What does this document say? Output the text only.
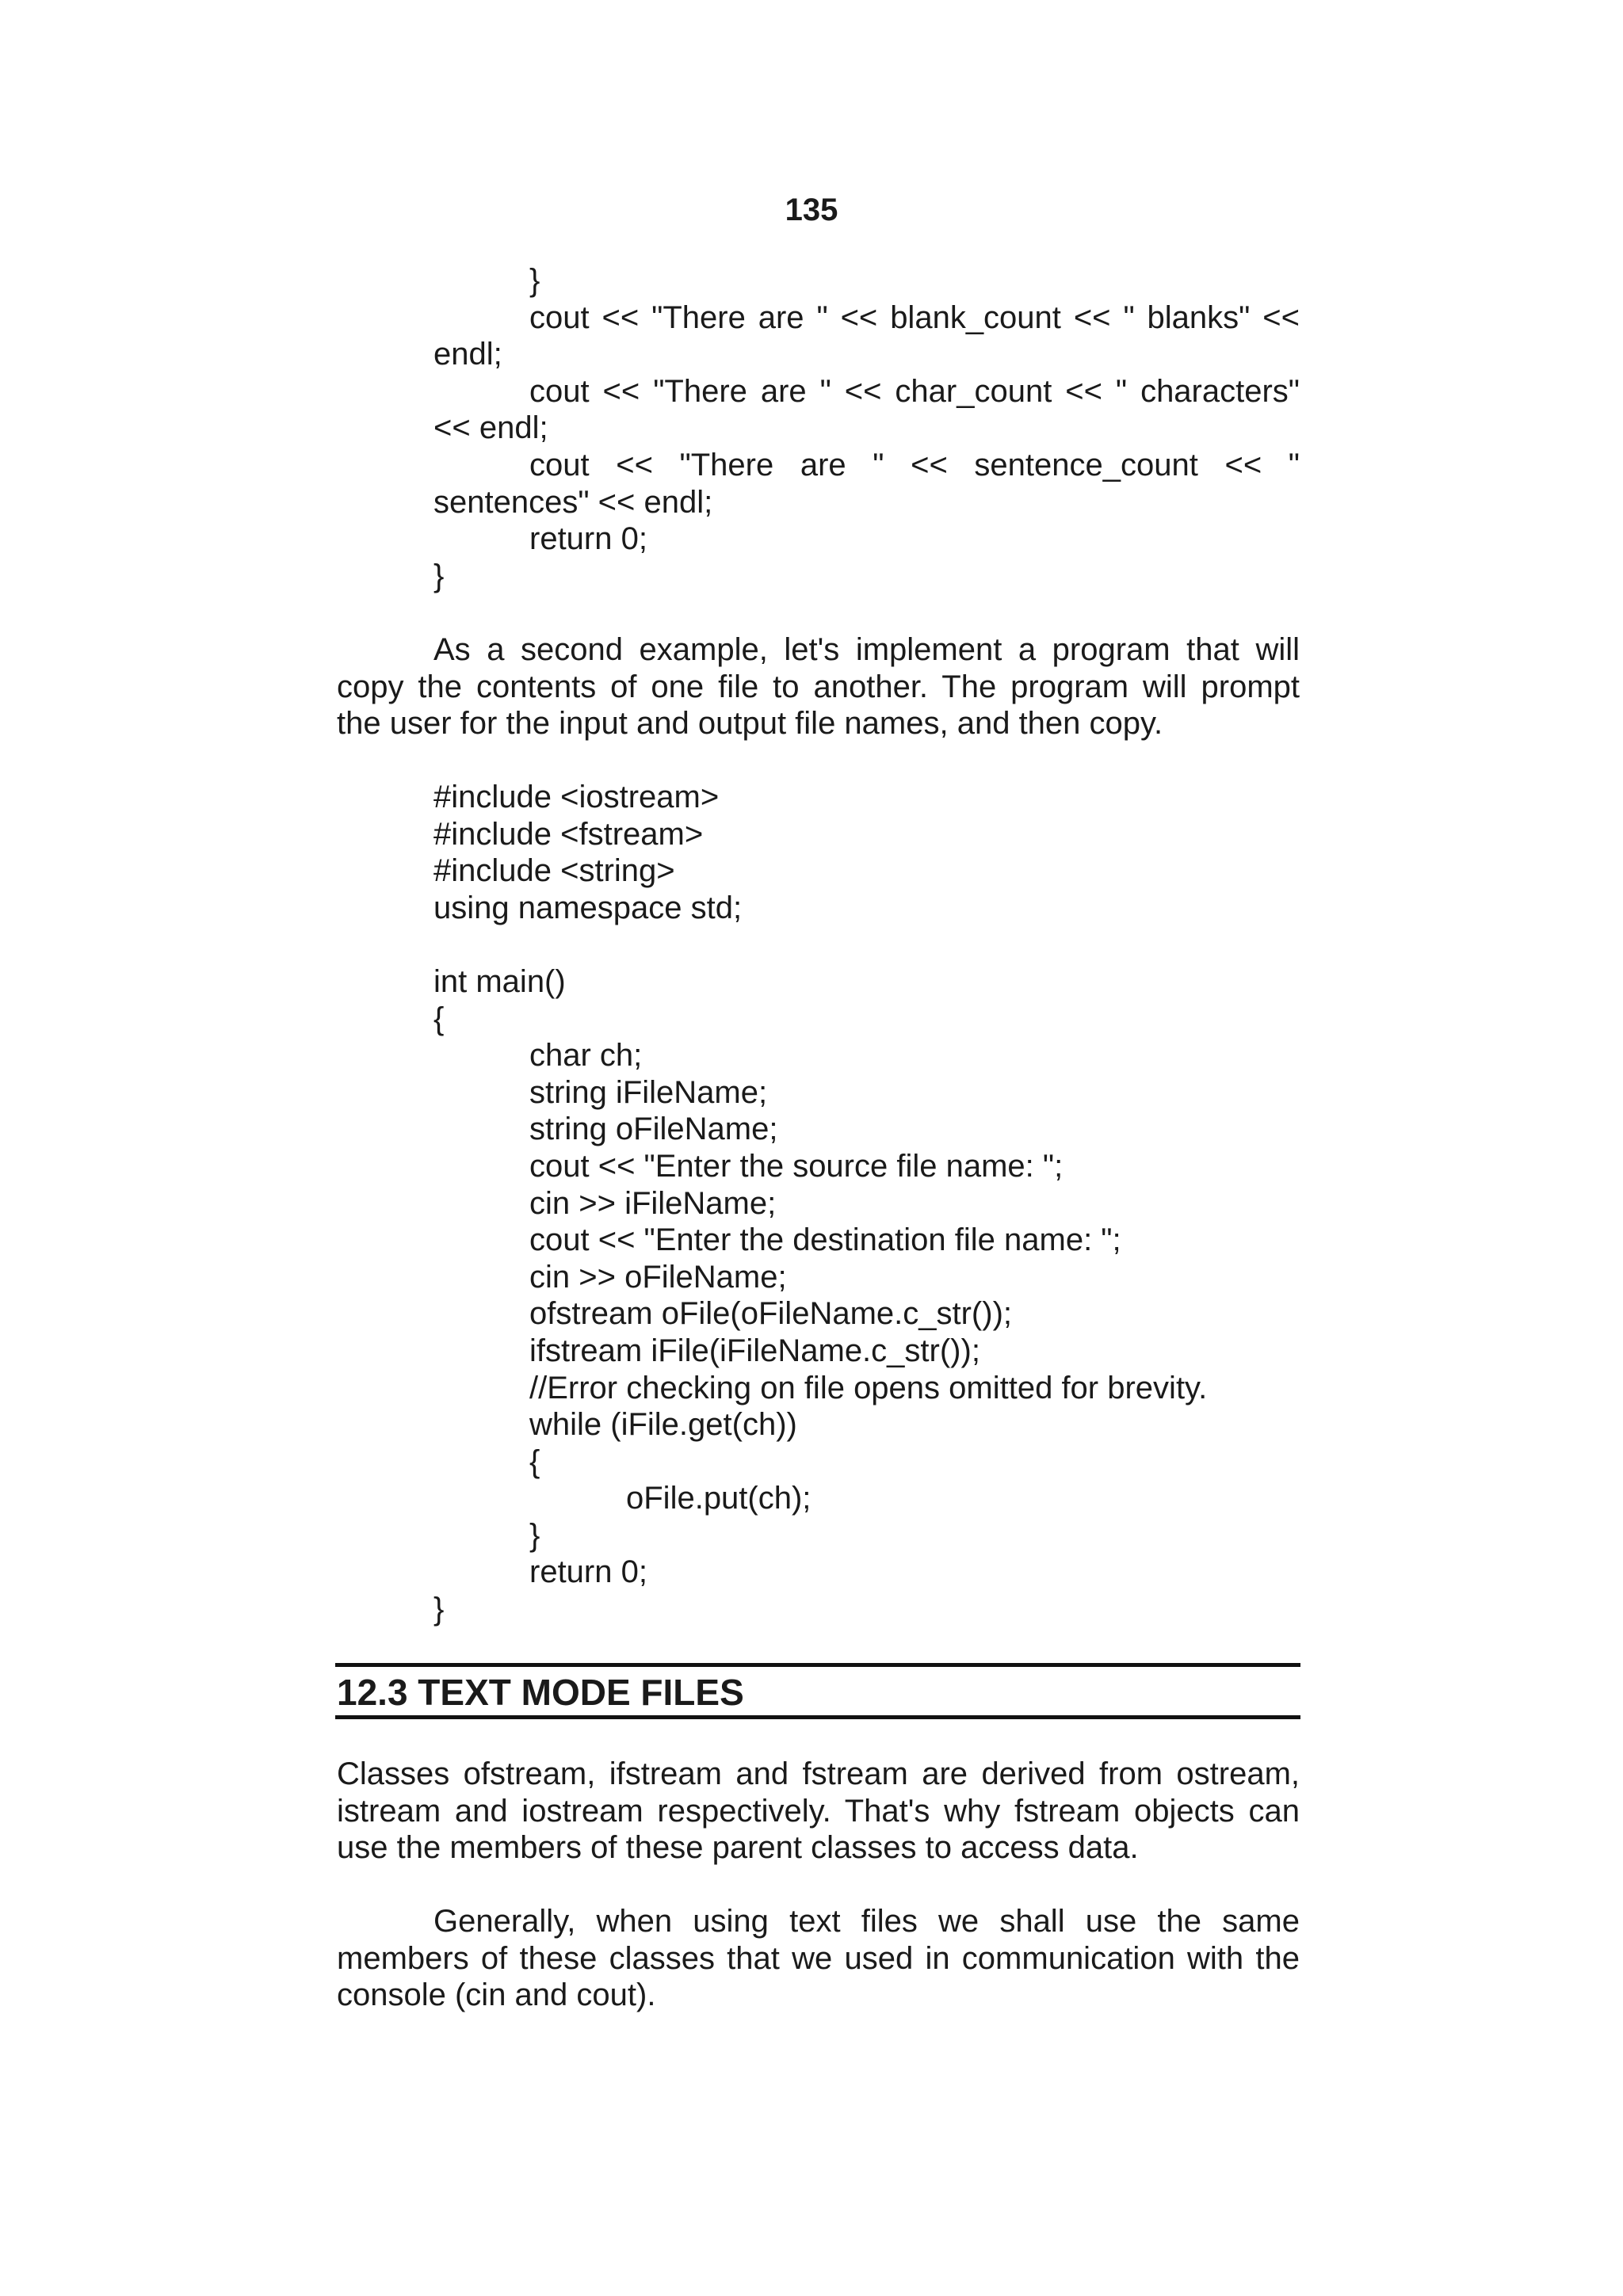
135
}
cout << "There are " << blank_count << " blanks" <<
endl;
cout << "There are " << char_count << " characters"
<< endl;
cout << "There are " << sentence_count << "
sentences" << endl;
return 0;
}
As a second example, let's implement a program that will
copy the contents of one file to another. The program will prompt
the user for the input and output file names, and then copy.
#include <iostream>
#include <fstream>
#include <string>
using namespace std;
int main()
{
char ch;
string iFileName;
string oFileName;
cout << "Enter the source file name: ";
cin >> iFileName;
cout << "Enter the destination file name: ";
cin >> oFileName;
ofstream oFile(oFileName.c_str());
ifstream iFile(iFileName.c_str());
//Error checking on file opens omitted for brevity.
while (iFile.get(ch))
{
oFile.put(ch);
}
return 0;
}
12.3 TEXT MODE FILES
Classes ofstream, ifstream and fstream are derived from ostream,
istream and iostream respectively. That's why fstream objects can
use the members of these parent classes to access data.
Generally, when using text files we shall use the same
members of these classes that we used in communication with the
console (cin and cout).
